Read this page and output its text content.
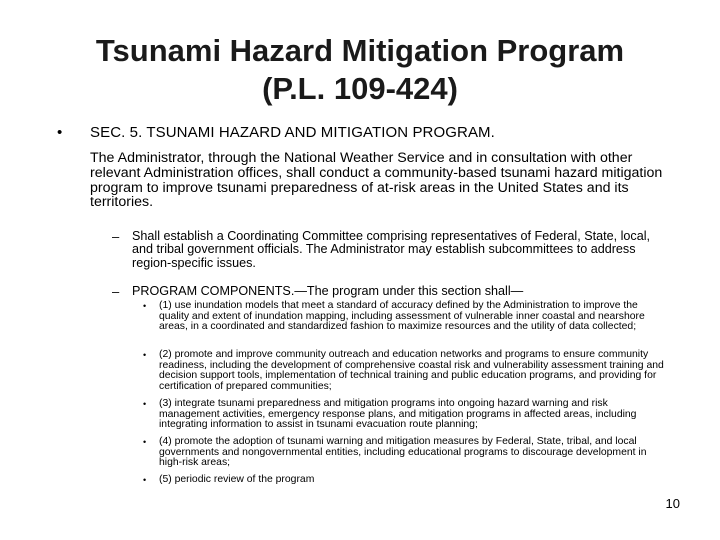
Tsunami Hazard Mitigation Program
(P.L. 109-424)
• SEC. 5. TSUNAMI HAZARD AND MITIGATION PROGRAM.
The Administrator, through the National Weather Service and in consultation with other relevant Administration offices, shall conduct a community-based tsunami hazard mitigation program to improve tsunami preparedness of at-risk areas in the United States and its territories.
– Shall establish a Coordinating Committee comprising representatives of Federal, State, local, and tribal government officials. The Administrator may establish subcommittees to address region-specific issues.
– PROGRAM COMPONENTS.—The program under this section shall—
• (1) use inundation models that meet a standard of accuracy defined by the Administration to improve the quality and extent of inundation mapping, including assessment of vulnerable inner coastal and nearshore areas, in a coordinated and standardized fashion to maximize resources and the utility of data collected;
• (2) promote and improve community outreach and education networks and programs to ensure community readiness, including the development of comprehensive coastal risk and vulnerability assessment training and decision support tools, implementation of technical training and public education programs, and providing for certification of prepared communities;
• (3) integrate tsunami preparedness and mitigation programs into ongoing hazard warning and risk management activities, emergency response plans, and mitigation programs in affected areas, including integrating information to assist in tsunami evacuation route planning;
• (4) promote the adoption of tsunami warning and mitigation measures by Federal, State, tribal, and local governments and nongovernmental entities, including educational programs to discourage development in high-risk areas;
• (5) periodic review of the program
10
